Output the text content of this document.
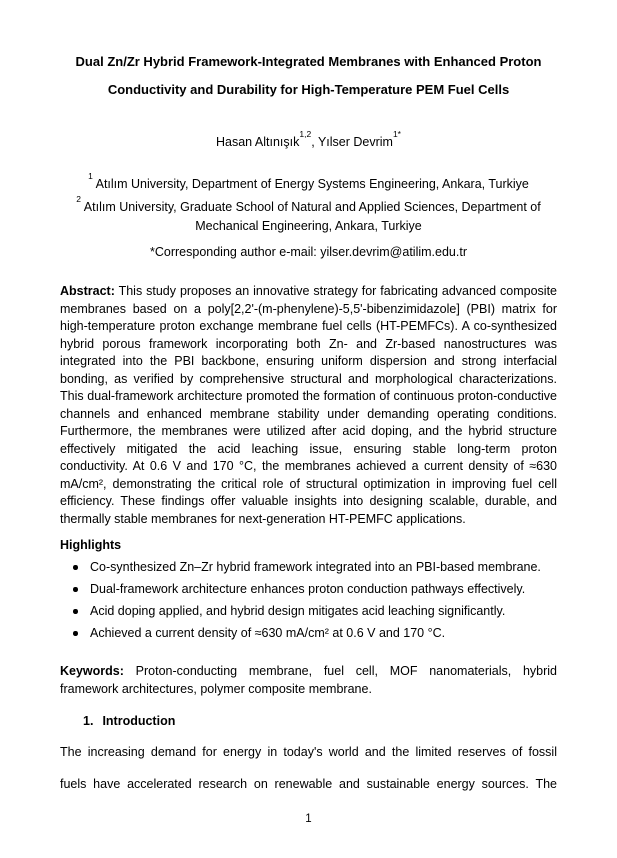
Dual Zn/Zr Hybrid Framework-Integrated Membranes with Enhanced Proton
Conductivity and Durability for High-Temperature PEM Fuel Cells

Hasan Altınışık$^{1,2}$, Yılser Devrim$^{1*}$

$^1$ Atılım University, Department of Energy Systems Engineering, Ankara, Turkiye
$^2$ Atılım University, Graduate School of Natural and Applied Sciences, Department of
Mechanical Engineering, Ankara, Turkiye

*Corresponding author e-mail: yilser.devrim@atilim.edu.tr

Abstract: This study proposes an innovative strategy for fabricating advanced composite membranes based on a poly[2,2'-(m-phenylene)-5,5'-bibenzimidazole] (PBI) matrix for high-temperature proton exchange membrane fuel cells (HT-PEMFCs). A co-synthesized hybrid porous framework incorporating both Zn- and Zr-based nanostructures was integrated into the PBI backbone, ensuring uniform dispersion and strong interfacial bonding, as verified by comprehensive structural and morphological characterizations. This dual-framework architecture promoted the formation of continuous proton-conductive channels and enhanced membrane stability under demanding operating conditions. Furthermore, the membranes were utilized after acid doping, and the hybrid structure effectively mitigated the acid leaching issue, ensuring stable long-term proton conductivity. At 0.6 V and 170 °C, the membranes achieved a current density of ≈630 mA/cm², demonstrating the critical role of structural optimization in improving fuel cell efficiency. These findings offer valuable insights into designing scalable, durable, and thermally stable membranes for next-generation HT-PEMFC applications.

Highlights

Co-synthesized Zn–Zr hybrid framework integrated into an PBI-based membrane.
Dual-framework architecture enhances proton conduction pathways effectively.
Acid doping applied, and hybrid design mitigates acid leaching significantly.
Achieved a current density of ≈630 mA/cm² at 0.6 V and 170 °C.

Keywords: Proton-conducting membrane, fuel cell, MOF nanomaterials, hybrid framework architectures, polymer composite membrane.

1. Introduction

The increasing demand for energy in today's world and the limited reserves of fossil
fuels have accelerated research on renewable and sustainable energy sources. The

1
